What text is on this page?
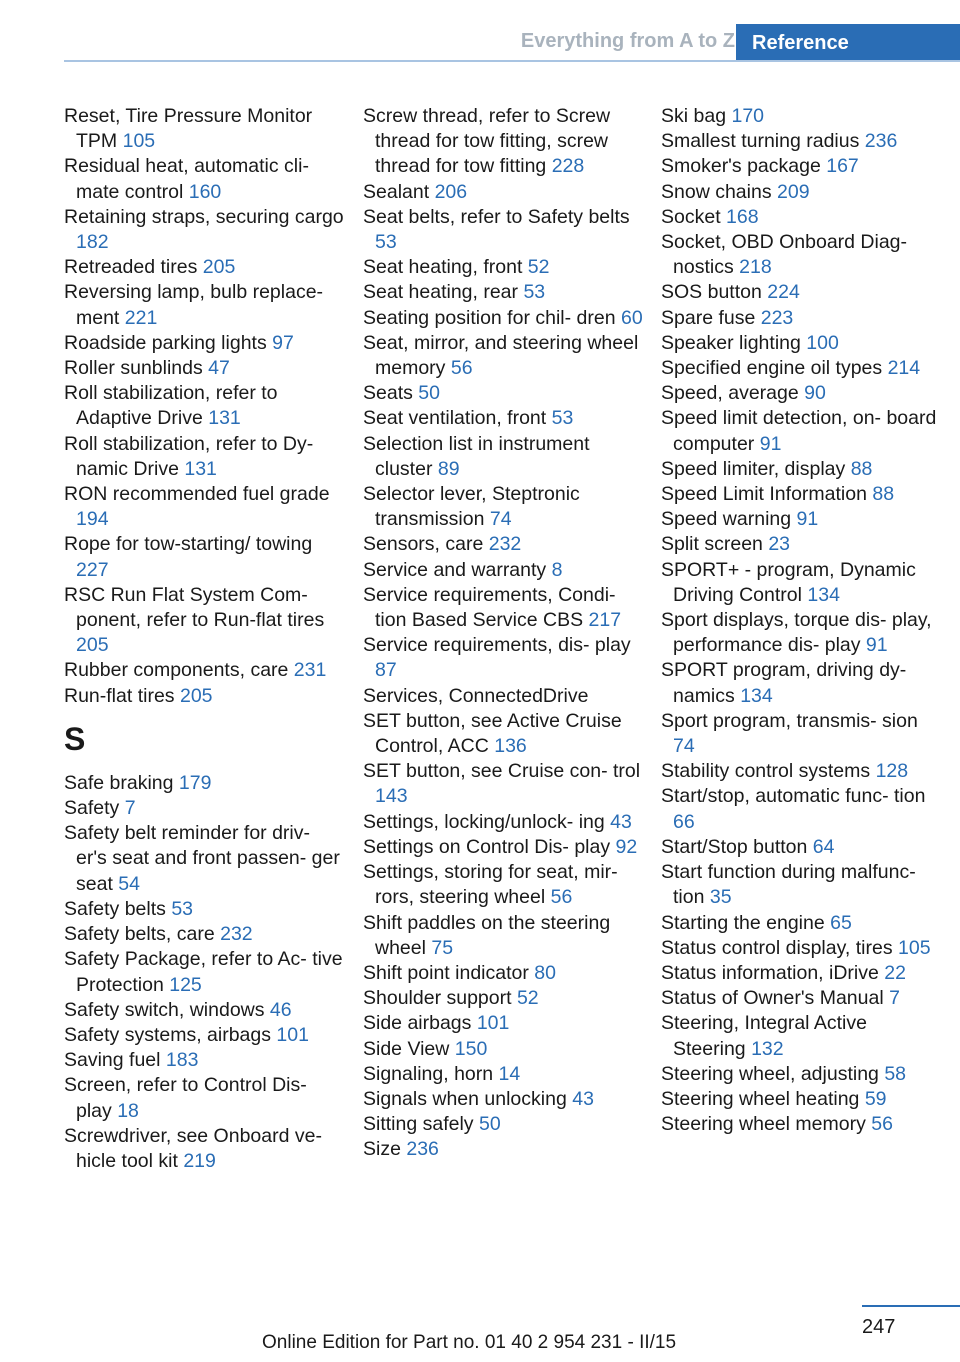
Everything from A to Z Reference
Reset, Tire Pressure Monitor TPM 105
Residual heat, automatic cli‐ mate control 160
Retaining straps, securing cargo 182
Retreaded tires 205
Reversing lamp, bulb replace‐ ment 221
Roadside parking lights 97
Roller sunblinds 47
Roll stabilization, refer to Adaptive Drive 131
Roll stabilization, refer to Dy‐ namic Drive 131
RON recommended fuel grade 194
Rope for tow-starting/ towing 227
RSC Run Flat System Com‐ ponent, refer to Run-flat tires 205
Rubber components, care 231
Run-flat tires 205
S
Safe braking 179
Safety 7
Safety belt reminder for driv‐ er's seat and front passen‐ ger seat 54
Safety belts 53
Safety belts, care 232
Safety Package, refer to Ac‐ tive Protection 125
Safety switch, windows 46
Safety systems, airbags 101
Saving fuel 183
Screen, refer to Control Dis‐ play 18
Screwdriver, see Onboard ve‐ hicle tool kit 219
Screw thread, refer to Screw thread for tow fitting, screw thread for tow fitting 228
Sealant 206
Seat belts, refer to Safety belts 53
Seat heating, front 52
Seat heating, rear 53
Seating position for chil‐ dren 60
Seat, mirror, and steering wheel memory 56
Seats 50
Seat ventilation, front 53
Selection list in instrument cluster 89
Selector lever, Steptronic transmission 74
Sensors, care 232
Service and warranty 8
Service requirements, Condi‐ tion Based Service CBS 217
Service requirements, dis‐ play 87
Services, ConnectedDrive
SET button, see Active Cruise Control, ACC 136
SET button, see Cruise con‐ trol 143
Settings, locking/unlock‐ ing 43
Settings on Control Dis‐ play 92
Settings, storing for seat, mir‐ rors, steering wheel 56
Shift paddles on the steering wheel 75
Shift point indicator 80
Shoulder support 52
Side airbags 101
Side View 150
Signaling, horn 14
Signals when unlocking 43
Sitting safely 50
Size 236
Ski bag 170
Smallest turning radius 236
Smoker's package 167
Snow chains 209
Socket 168
Socket, OBD Onboard Diag‐ nostics 218
SOS button 224
Spare fuse 223
Speaker lighting 100
Specified engine oil types 214
Speed, average 90
Speed limit detection, on‐ board computer 91
Speed limiter, display 88
Speed Limit Information 88
Speed warning 91
Split screen 23
SPORT+ - program, Dynamic Driving Control 134
Sport displays, torque dis‐ play, performance dis‐ play 91
SPORT program, driving dy‐ namics 134
Sport program, transmis‐ sion 74
Stability control systems 128
Start/stop, automatic func‐ tion 66
Start/Stop button 64
Start function during malfunc‐ tion 35
Starting the engine 65
Status control display, tires 105
Status information, iDrive 22
Status of Owner's Manual 7
Steering, Integral Active Steering 132
Steering wheel, adjusting 58
Steering wheel heating 59
Steering wheel memory 56
247
Online Edition for Part no. 01 40 2 954 231 - II/15
